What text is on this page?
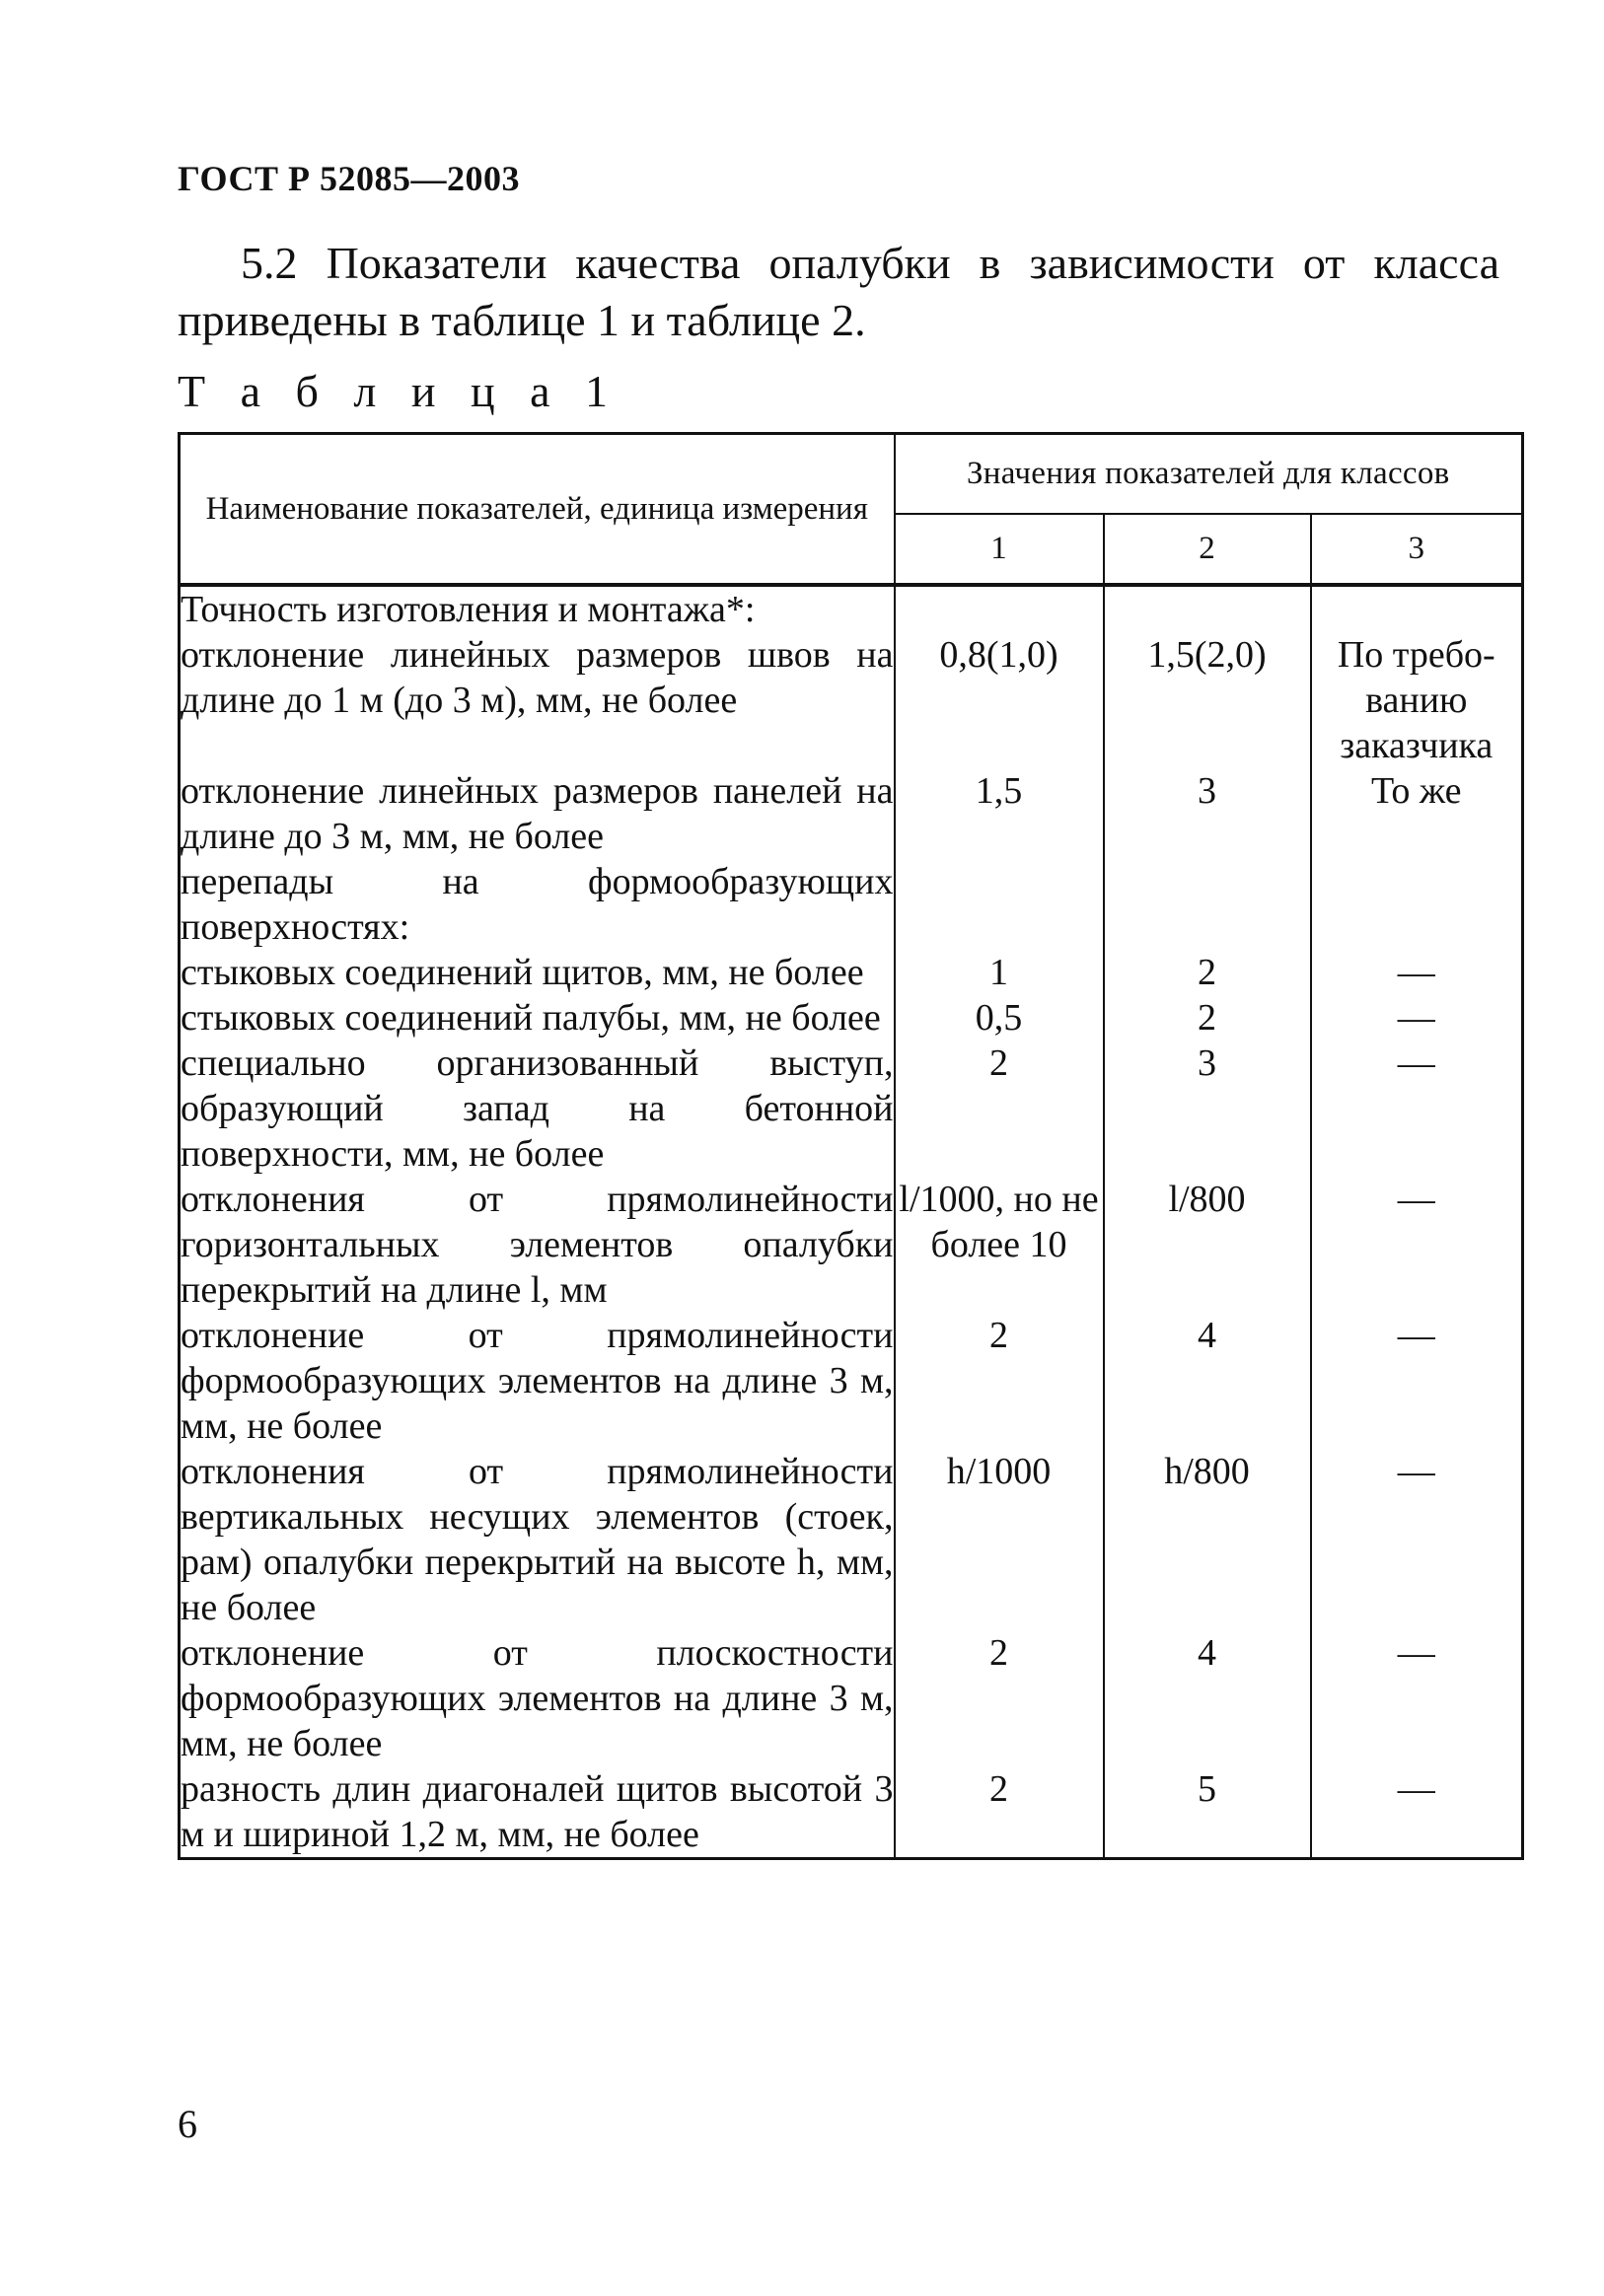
ГОСТ Р 52085—2003
5.2 Показатели качества опалубки в зависимости от класса приведены в таблице 1 и таблице 2.
Т а б л и ц а 1
Наименование показателей, единица измерения	Значения показателей для классов		
	1	2	3
Точность изготовления и монтажа*:			
отклонение линейных размеров швов на длине до 1 м (до 3 м), мм, не более	0,8(1,0)	1,5(2,0)	По требо-ванию заказчика
отклонение линейных размеров панелей на длине до 3 м, мм, не более	1,5	3	То же
перепады на формообразующих поверхностях:			
стыковых соединений щитов, мм, не более	1	2	—
стыковых соединений палубы, мм, не более	0,5	2	—
специально организованный выступ, образующий запад на бетонной поверхности, мм, не более	2	3	—
отклонения от прямолинейности горизонтальных элементов опалубки перекрытий на длине l, мм	l/1000, но не более 10	l/800	—
отклонение от прямолинейности формообразующих элементов на длине 3 м, мм, не более	2	4	—
отклонения от прямолинейности вертикальных несущих элементов (стоек, рам) опалубки перекрытий на высоте h, мм, не более	h/1000	h/800	—
отклонение от плоскостности формообразующих элементов на длине 3 м, мм, не более	2	4	—
разность длин диагоналей щитов высотой 3 м и шириной 1,2 м, мм, не более	2	5	—
6
